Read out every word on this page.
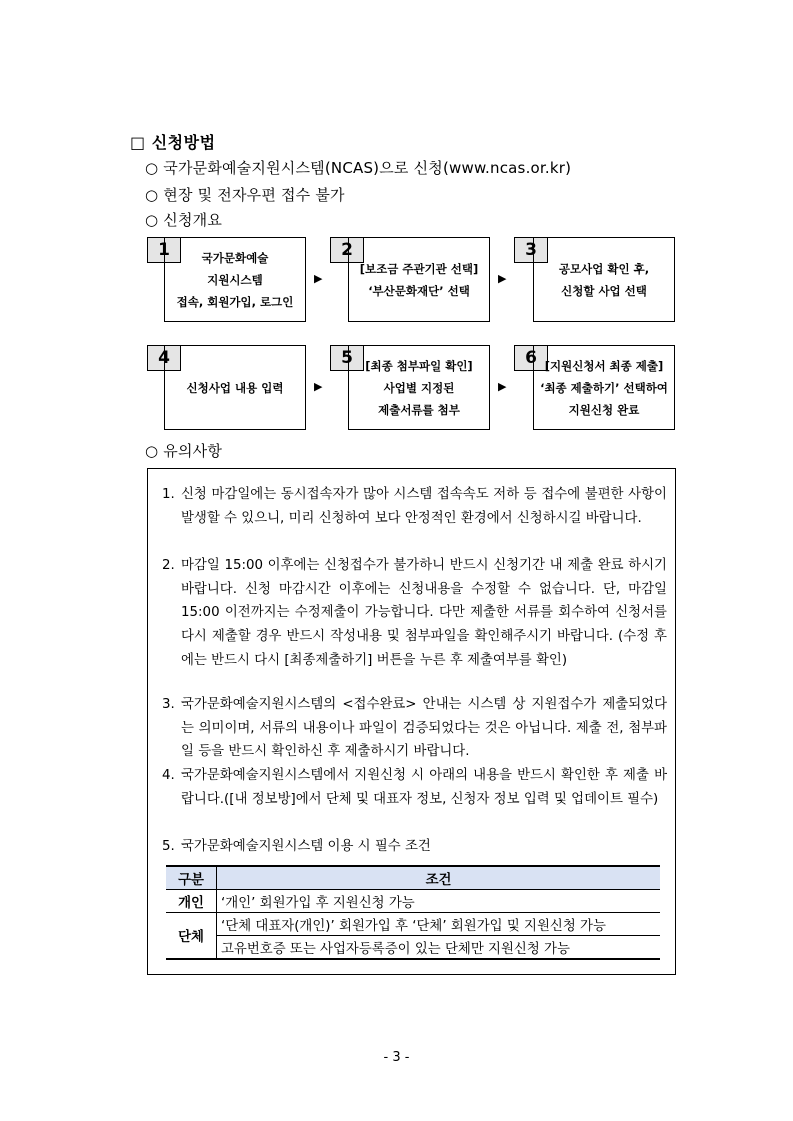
□ 신청방법
○ 국가문화예술지원시스템(NCAS)으로 신청(www.ncas.or.kr)
○ 현장 및 전자우편 접수 불가
○ 신청개요
1	국가문화예술
지원시스템
접속, 회원가입, 로그인
▶
2
[보조금 주관기관 선택]
‘부산문화재단’ 선택
▶
3
공모사업 확인 후,
신청할 사업 선택
4
신청사업 내용 입력	▶
5	[최종 첨부파일 확인]
사업별 지정된
제출서류를 첨부
▶
6 [지원신청서 최종 제출]
‘최종 제출하기’ 선택하여
지원신청 완료
○ 유의사항
1. 신청 마감일에는 동시접속자가 많아 시스템 접속속도 저하 등 접수에 불편한 사항이 발생할 수 있으니, 미리 신청하여 보다 안정적인 환경에서 신청하시길 바랍니다.
2. 마감일 15:00 이후에는 신청접수가 불가하니 반드시 신청기간 내 제출 완료 하시기 바랍니다. 신청 마감시간 이후에는 신청내용을 수정할 수 없습니다. 단, 마감일 15:00 이전까지는 수정제출이 가능합니다. 다만 제출한 서류를 회수하여 신청서를 다시 제출할 경우 반드시 작성내용 및 첨부파일을 확인해주시기 바랍니다. (수정 후에는 반드시 다시 [최종제출하기] 버튼을 누른 후 제출여부를 확인)
3. 국가문화예술지원시스템의 <접수완료> 안내는 시스템 상 지원접수가 제출되었다는 의미이며, 서류의 내용이나 파일이 검증되었다는 것은 아닙니다. 제출 전, 첨부파일 등을 반드시 확인하신 후 제출하시기 바랍니다.
4. 국가문화예술지원시스템에서 지원신청 시 아래의 내용을 반드시 확인한 후 제출 바랍니다.([내 정보방]에서 단체 및 대표자 정보, 신청자 정보 입력 및 업데이트 필수)
5. 국가문화예술지원시스템 이용 시 필수 조건
구분	조건
개인	‘개인’ 회원가입 후 지원신청 가능
단체	‘단체 대표자(개인)’ 회원가입 후 ‘단체’ 회원가입 및 지원신청 가능
	고유번호증 또는 사업자등록증이 있는 단체만 지원신청 가능
- 3 -
